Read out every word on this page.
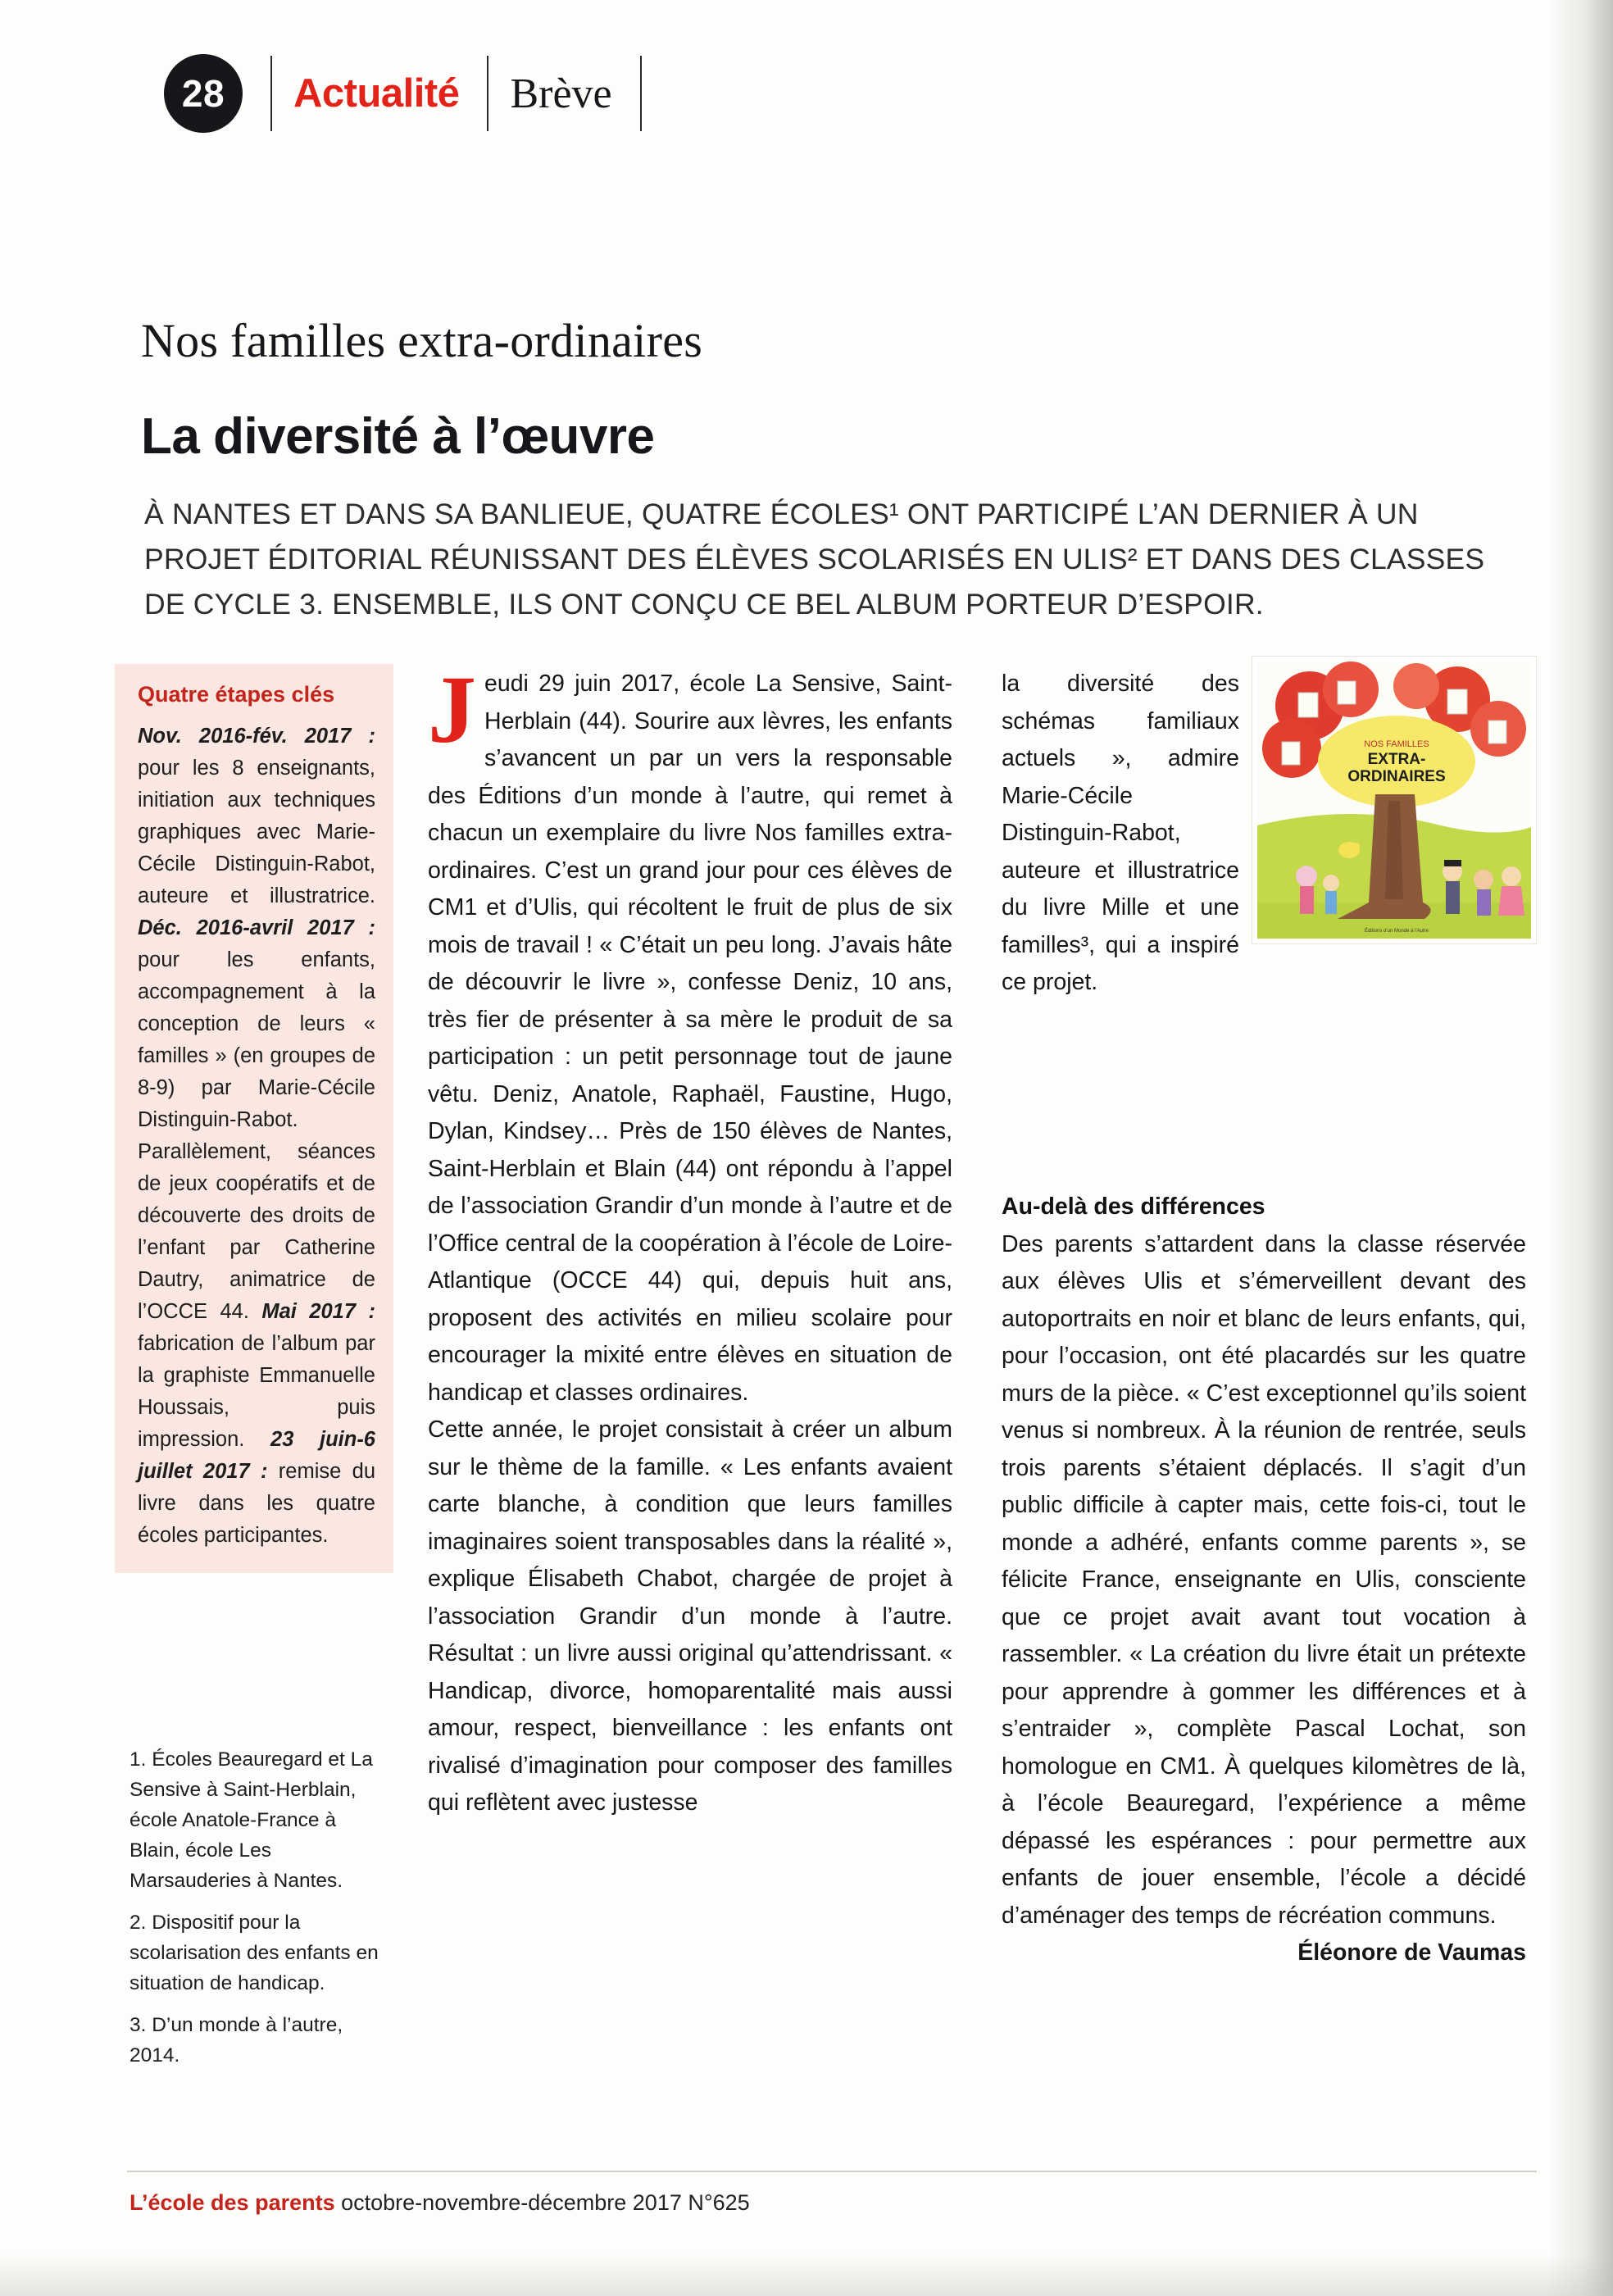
28	Actualité Brève
Nos familles extra-ordinaires
La diversité à l’œuvre
À NANTES ET DANS SA BANLIEUE, QUATRE ÉCOLES¹ ONT PARTICIPÉ L’AN DERNIER À UN PROJET ÉDITORIAL RÉUNISSANT DES ÉLÈVES SCOLARISÉS EN ULIS² ET DANS DES CLASSES DE CYCLE 3. ENSEMBLE, ILS ONT CONÇU CE BEL ALBUM PORTEUR D’ESPOIR.
Quatre étapes clés
Nov. 2016-fév. 2017 : pour les 8 enseignants, initiation aux techniques graphiques avec Marie-Cécile Distinguin-Rabot, auteure et illustratrice. Déc. 2016-avril 2017 : pour les enfants, accompagnement à la conception de leurs « familles » (en groupes de 8-9) par Marie-Cécile Distinguin-Rabot. Parallèlement, séances de jeux coopératifs et de découverte des droits de l’enfant par Catherine Dautry, animatrice de l’OCCE 44. Mai 2017 : fabrication de l’album par la graphiste Emmanuelle Houssais, puis impression. 23 juin-6 juillet 2017 : remise du livre dans les quatre écoles participantes.

1. Écoles Beauregard et La Sensive à Saint-Herblain, école Anatole-France à Blain, école Les Marsauderies à Nantes.

2. Dispositif pour la scolarisation des enfants en situation de handicap.

3. D’un monde à l’autre, 2014.

Jeudi 29 juin 2017, école La Sensive, Saint-Herblain (44). Sourire aux lèvres, les enfants s’avancent un par un vers la responsable des Éditions d’un monde à l’autre, qui remet à chacun un exemplaire du livre Nos familles extra-ordinaires. C’est un grand jour pour ces élèves de CM1 et d’Ulis, qui récoltent le fruit de plus de six mois de travail ! « C’était un peu long. J’avais hâte de découvrir le livre », confesse Deniz, 10 ans, très fier de présenter à sa mère le produit de sa participation : un petit personnage tout de jaune vêtu. Deniz, Anatole, Raphaël, Faustine, Hugo, Dylan, Kindsey… Près de 150 élèves de Nantes, Saint-Herblain et Blain (44) ont répondu à l’appel de l’association Grandir d’un monde à l’autre et de l’Office central de la coopération à l’école de Loire-Atlantique (OCCE 44) qui, depuis huit ans, proposent des activités en milieu scolaire pour encourager la mixité entre élèves en situation de handicap et classes ordinaires.

Cette année, le projet consistait à créer un album sur le thème de la famille. « Les enfants avaient carte blanche, à condition que leurs familles imaginaires soient transposables dans la réalité », explique Élisabeth Chabot, chargée de projet à l’association Grandir d’un monde à l’autre. Résultat : un livre aussi original qu’attendrissant. « Handicap, divorce, homoparentalité mais aussi amour, respect, bienveillance : les enfants ont rivalisé d’imagination pour composer des familles qui reflètent avec justesse

la diversité des schémas familiaux actuels », admire Marie-Cécile Distinguin-Rabot, auteure et illustratrice du livre Mille et une familles³, qui a inspiré ce projet.

NOS FAMILLES
EXTRA-
ORDINAIRES
Éditions d’un Monde à l’Autre

Au-delà des différences

Des parents s’attardent dans la classe réservée aux élèves Ulis et s’émerveillent devant des autoportraits en noir et blanc de leurs enfants, qui, pour l’occasion, ont été placardés sur les quatre murs de la pièce. « C’est exceptionnel qu’ils soient venus si nombreux. À la réunion de rentrée, seuls trois parents s’étaient déplacés. Il s’agit d’un public difficile à capter mais, cette fois-ci, tout le monde a adhéré, enfants comme parents », se félicite France, enseignante en Ulis, consciente que ce projet avait avant tout vocation à rassembler. « La création du livre était un prétexte pour apprendre à gommer les différences et à s’entraider », complète Pascal Lochat, son homologue en CM1. À quelques kilomètres de là, à l’école Beauregard, l’expérience a même dépassé les espérances : pour permettre aux enfants de jouer ensemble, l’école a décidé d’aménager des temps de récréation communs.

Éléonore de Vaumas

L’école des parents octobre-novembre-décembre 2017 N°625
